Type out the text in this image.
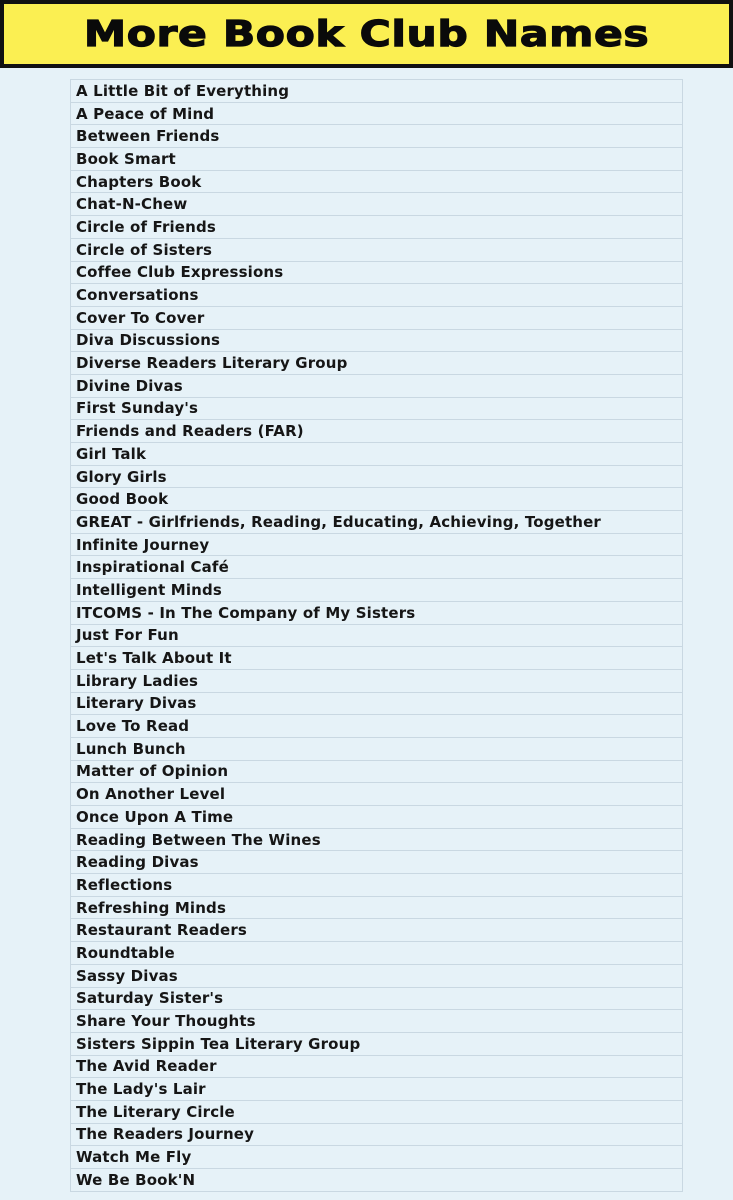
More Book Club Names
A Little Bit of Everything
A Peace of Mind
Between Friends
Book Smart
Chapters Book
Chat-N-Chew
Circle of Friends
Circle of Sisters
Coffee Club Expressions
Conversations
Cover To Cover
Diva Discussions
Diverse Readers Literary Group
Divine Divas
First Sunday's
Friends and Readers (FAR)
Girl Talk
Glory Girls
Good Book
GREAT - Girlfriends, Reading, Educating, Achieving, Together
Infinite Journey
Inspirational Café
Intelligent Minds
ITCOMS - In The Company of My Sisters
Just For Fun
Let's Talk About It
Library Ladies
Literary Divas
Love To Read
Lunch Bunch
Matter of Opinion
On Another Level
Once Upon A Time
Reading Between The Wines
Reading Divas
Reflections
Refreshing Minds
Restaurant Readers
Roundtable
Sassy Divas
Saturday Sister's
Share Your Thoughts
Sisters Sippin Tea Literary Group
The Avid Reader
The Lady's Lair
The Literary Circle
The Readers Journey
Watch Me Fly
We Be Book'N
